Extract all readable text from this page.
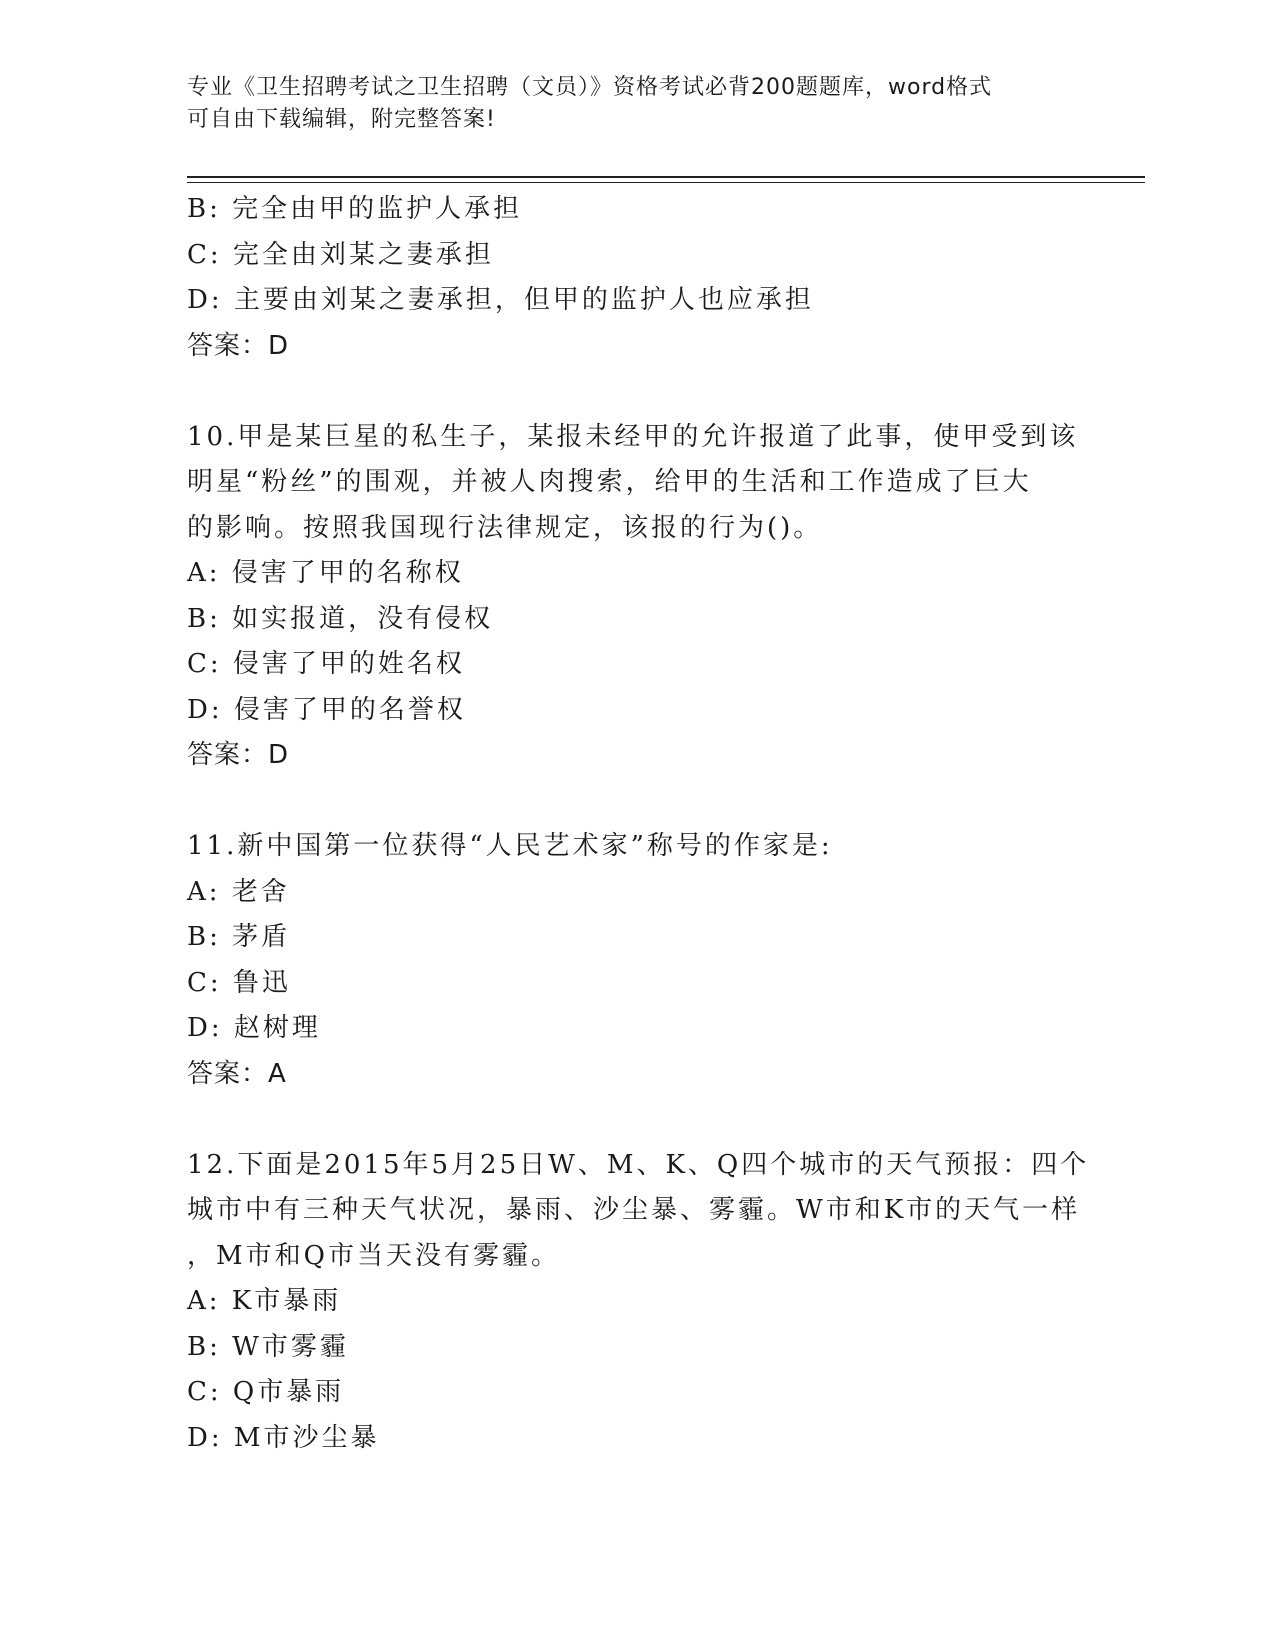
专业《卫生招聘考试之卫生招聘（文员）》资格考试必背200题题库，word格式
可自由下载编辑，附完整答案!
B: 完全由甲的监护人承担
C: 完全由刘某之妻承担
D: 主要由刘某之妻承担，但甲的监护人也应承担
答案：D
10.甲是某巨星的私生子，某报未经甲的允许报道了此事，使甲受到该
明星“粉丝”的围观，并被人肉搜索，给甲的生活和工作造成了巨大
的影响。按照我国现行法律规定，该报的行为()。
A: 侵害了甲的名称权
B: 如实报道，没有侵权
C: 侵害了甲的姓名权
D: 侵害了甲的名誉权
答案：D
11.新中国第一位获得“人民艺术家”称号的作家是:
A: 老舍
B: 茅盾
C: 鲁迅
D: 赵树理
答案：A
12.下面是2015年5月25日W、M、K、Q四个城市的天气预报：四个
城市中有三种天气状况，暴雨、沙尘暴、雾霾。W市和K市的天气一样
，M市和Q市当天没有雾霾。
A: K市暴雨
B: W市雾霾
C: Q市暴雨
D: M市沙尘暴
